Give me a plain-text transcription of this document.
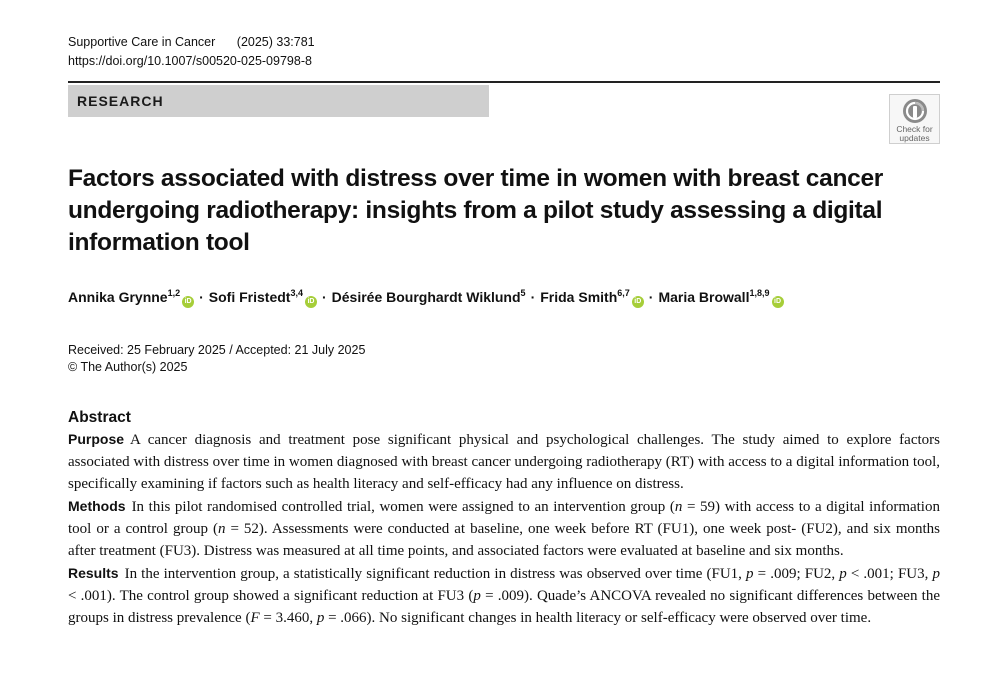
Supportive Care in Cancer (2025) 33:781
https://doi.org/10.1007/s00520-025-09798-8
RESEARCH
Check for
updates
Factors associated with distress over time in women with breast cancer undergoing radiotherapy: insights from a pilot study assessing a digital information tool
Annika Grynne$^{1,2}$iD · Sofi Fristedt$^{3,4}$iD · Désirée Bourghardt Wiklund$^5$ · Frida Smith$^{6,7}$iD · Maria Browall$^{1,8,9}$iD
Received: 25 February 2025 / Accepted: 21 July 2025
© The Author(s) 2025
Abstract

Purpose A cancer diagnosis and treatment pose significant physical and psychological challenges. The study aimed to explore factors associated with distress over time in women diagnosed with breast cancer undergoing radiotherapy (RT) with access to a digital information tool, specifically examining if factors such as health literacy and self-efficacy had any influence on distress.

Methods In this pilot randomised controlled trial, women were assigned to an intervention group (n = 59) with access to a digital information tool or a control group (n = 52). Assessments were conducted at baseline, one week before RT (FU1), one week post- (FU2), and six months after treatment (FU3). Distress was measured at all time points, and associated factors were evaluated at baseline and six months.

Results In the intervention group, a statistically significant reduction in distress was observed over time (FU1, p = .009; FU2, p < .001; FU3, p < .001). The control group showed a significant reduction at FU3 (p = .009). Quade’s ANCOVA revealed no significant differences between the groups in distress prevalence (F = 3.460, p = .066). No significant changes in health literacy or self-efficacy were observed over time.
